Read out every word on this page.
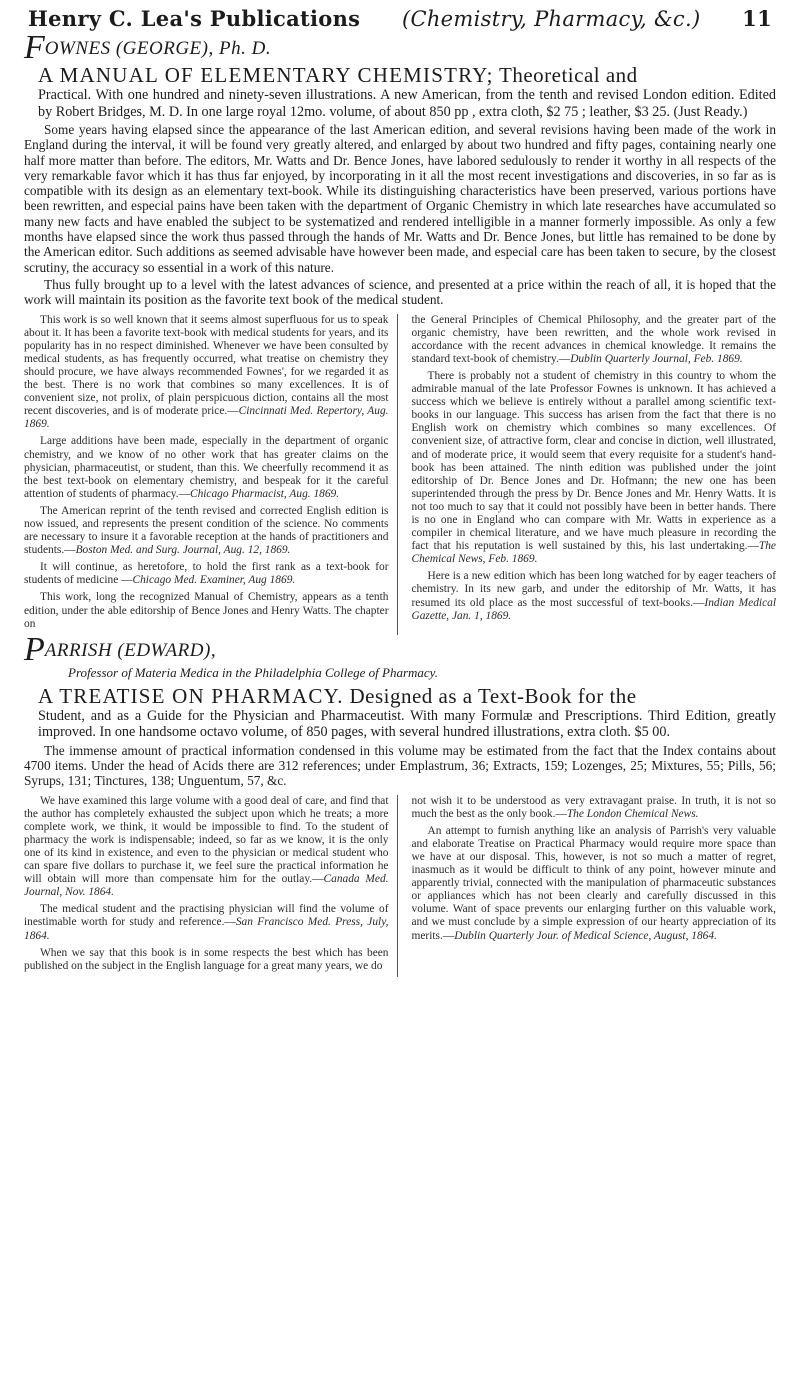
Henry C. Lea's Publications (Chemistry, Pharmacy, &c.) 11

FOWNES (GEORGE), Ph. D.

A MANUAL OF ELEMENTARY CHEMISTRY; Theoretical and

Practical. With one hundred and ninety-seven illustrations. A new American, from the tenth and revised London edition. Edited by Robert Bridges, M. D. In one large royal 12mo. volume, of about 850 pp , extra cloth, $2 75 ; leather, $3 25. (Just Ready.)

Some years having elapsed since the appearance of the last American edition, and several revisions having been made of the work in England during the interval, it will be found very greatly altered, and enlarged by about two hundred and fifty pages, containing nearly one half more matter than before. The editors, Mr. Watts and Dr. Bence Jones, have labored sedulously to render it worthy in all respects of the very remarkable favor which it has thus far enjoyed, by incorporating in it all the most recent investigations and discoveries, in so far as is compatible with its design as an elementary text-book. While its distinguishing characteristics have been preserved, various portions have been rewritten, and especial pains have been taken with the department of Organic Chemistry in which late researches have accumulated so many new facts and have enabled the subject to be systematized and rendered intelligible in a manner formerly impossible. As only a few months have elapsed since the work thus passed through the hands of Mr. Watts and Dr. Bence Jones, but little has remained to be done by the American editor. Such additions as seemed advisable have however been made, and especial care has been taken to secure, by the closest scrutiny, the accuracy so essential in a work of this nature.

Thus fully brought up to a level with the latest advances of science, and presented at a price within the reach of all, it is hoped that the work will maintain its position as the favorite text book of the medical student.

This work is so well known that it seems almost superfluous for us to speak about it. It has been a favorite text-book with medical students for years, and its popularity has in no respect diminished. Whenever we have been consulted by medical students, as has frequently occurred, what treatise on chemistry they should procure, we have always recommended Fownes', for we regarded it as the best. There is no work that combines so many excellences. It is of convenient size, not prolix, of plain perspicuous diction, contains all the most recent discoveries, and is of moderate price.—Cincinnati Med. Repertory, Aug. 1869.

Large additions have been made, especially in the department of organic chemistry, and we know of no other work that has greater claims on the physician, pharmaceutist, or student, than this. We cheerfully recommend it as the best text-book on elementary chemistry, and bespeak for it the careful attention of students of pharmacy.—Chicago Pharmacist, Aug. 1869.

The American reprint of the tenth revised and corrected English edition is now issued, and represents the present condition of the science. No comments are necessary to insure it a favorable reception at the hands of practitioners and students.—Boston Med. and Surg. Journal, Aug. 12, 1869.

It will continue, as heretofore, to hold the first rank as a text-book for students of medicine —Chicago Med. Examiner, Aug 1869.

This work, long the recognized Manual of Chemistry, appears as a tenth edition, under the able editorship of Bence Jones and Henry Watts. The chapter on

the General Principles of Chemical Philosophy, and the greater part of the organic chemistry, have been rewritten, and the whole work revised in accordance with the recent advances in chemical knowledge. It remains the standard text-book of chemistry.—Dublin Quarterly Journal, Feb. 1869.

There is probably not a student of chemistry in this country to whom the admirable manual of the late Professor Fownes is unknown. It has achieved a success which we believe is entirely without a parallel among scientific text-books in our language. This success has arisen from the fact that there is no English work on chemistry which combines so many excellences. Of convenient size, of attractive form, clear and concise in diction, well illustrated, and of moderate price, it would seem that every requisite for a student's hand-book has been attained. The ninth edition was published under the joint editorship of Dr. Bence Jones and Dr. Hofmann; the new one has been superintended through the press by Dr. Bence Jones and Mr. Henry Watts. It is not too much to say that it could not possibly have been in better hands. There is no one in England who can compare with Mr. Watts in experience as a compiler in chemical literature, and we have much pleasure in recording the fact that his reputation is well sustained by this, his last undertaking.—The Chemical News, Feb. 1869.

Here is a new edition which has been long watched for by eager teachers of chemistry. In its new garb, and under the editorship of Mr. Watts, it has resumed its old place as the most successful of text-books.—Indian Medical Gazette, Jan. 1, 1869.

PARRISH (EDWARD),

Professor of Materia Medica in the Philadelphia College of Pharmacy.

A TREATISE ON PHARMACY. Designed as a Text-Book for the

Student, and as a Guide for the Physician and Pharmaceutist. With many Formulæ and Prescriptions. Third Edition, greatly improved. In one handsome octavo volume, of 850 pages, with several hundred illustrations, extra cloth. $5 00.

The immense amount of practical information condensed in this volume may be estimated from the fact that the Index contains about 4700 items. Under the head of Acids there are 312 references; under Emplastrum, 36; Extracts, 159; Lozenges, 25; Mixtures, 55; Pills, 56; Syrups, 131; Tinctures, 138; Unguentum, 57, &c.

We have examined this large volume with a good deal of care, and find that the author has completely exhausted the subject upon which he treats; a more complete work, we think, it would be impossible to find. To the student of pharmacy the work is indispensable; indeed, so far as we know, it is the only one of its kind in existence, and even to the physician or medical student who can spare five dollars to purchase it, we feel sure the practical information he will obtain will more than compensate him for the outlay.—Canada Med. Journal, Nov. 1864.

The medical student and the practising physician will find the volume of inestimable worth for study and reference.—San Francisco Med. Press, July, 1864.

When we say that this book is in some respects the best which has been published on the subject in the English language for a great many years, we do

not wish it to be understood as very extravagant praise. In truth, it is not so much the best as the only book.—The London Chemical News.

An attempt to furnish anything like an analysis of Parrish's very valuable and elaborate Treatise on Practical Pharmacy would require more space than we have at our disposal. This, however, is not so much a matter of regret, inasmuch as it would be difficult to think of any point, however minute and apparently trivial, connected with the manipulation of pharmaceutic substances or appliances which has not been clearly and carefully discussed in this volume. Want of space prevents our enlarging further on this valuable work, and we must conclude by a simple expression of our hearty appreciation of its merits.—Dublin Quarterly Jour. of Medical Science, August, 1864.
